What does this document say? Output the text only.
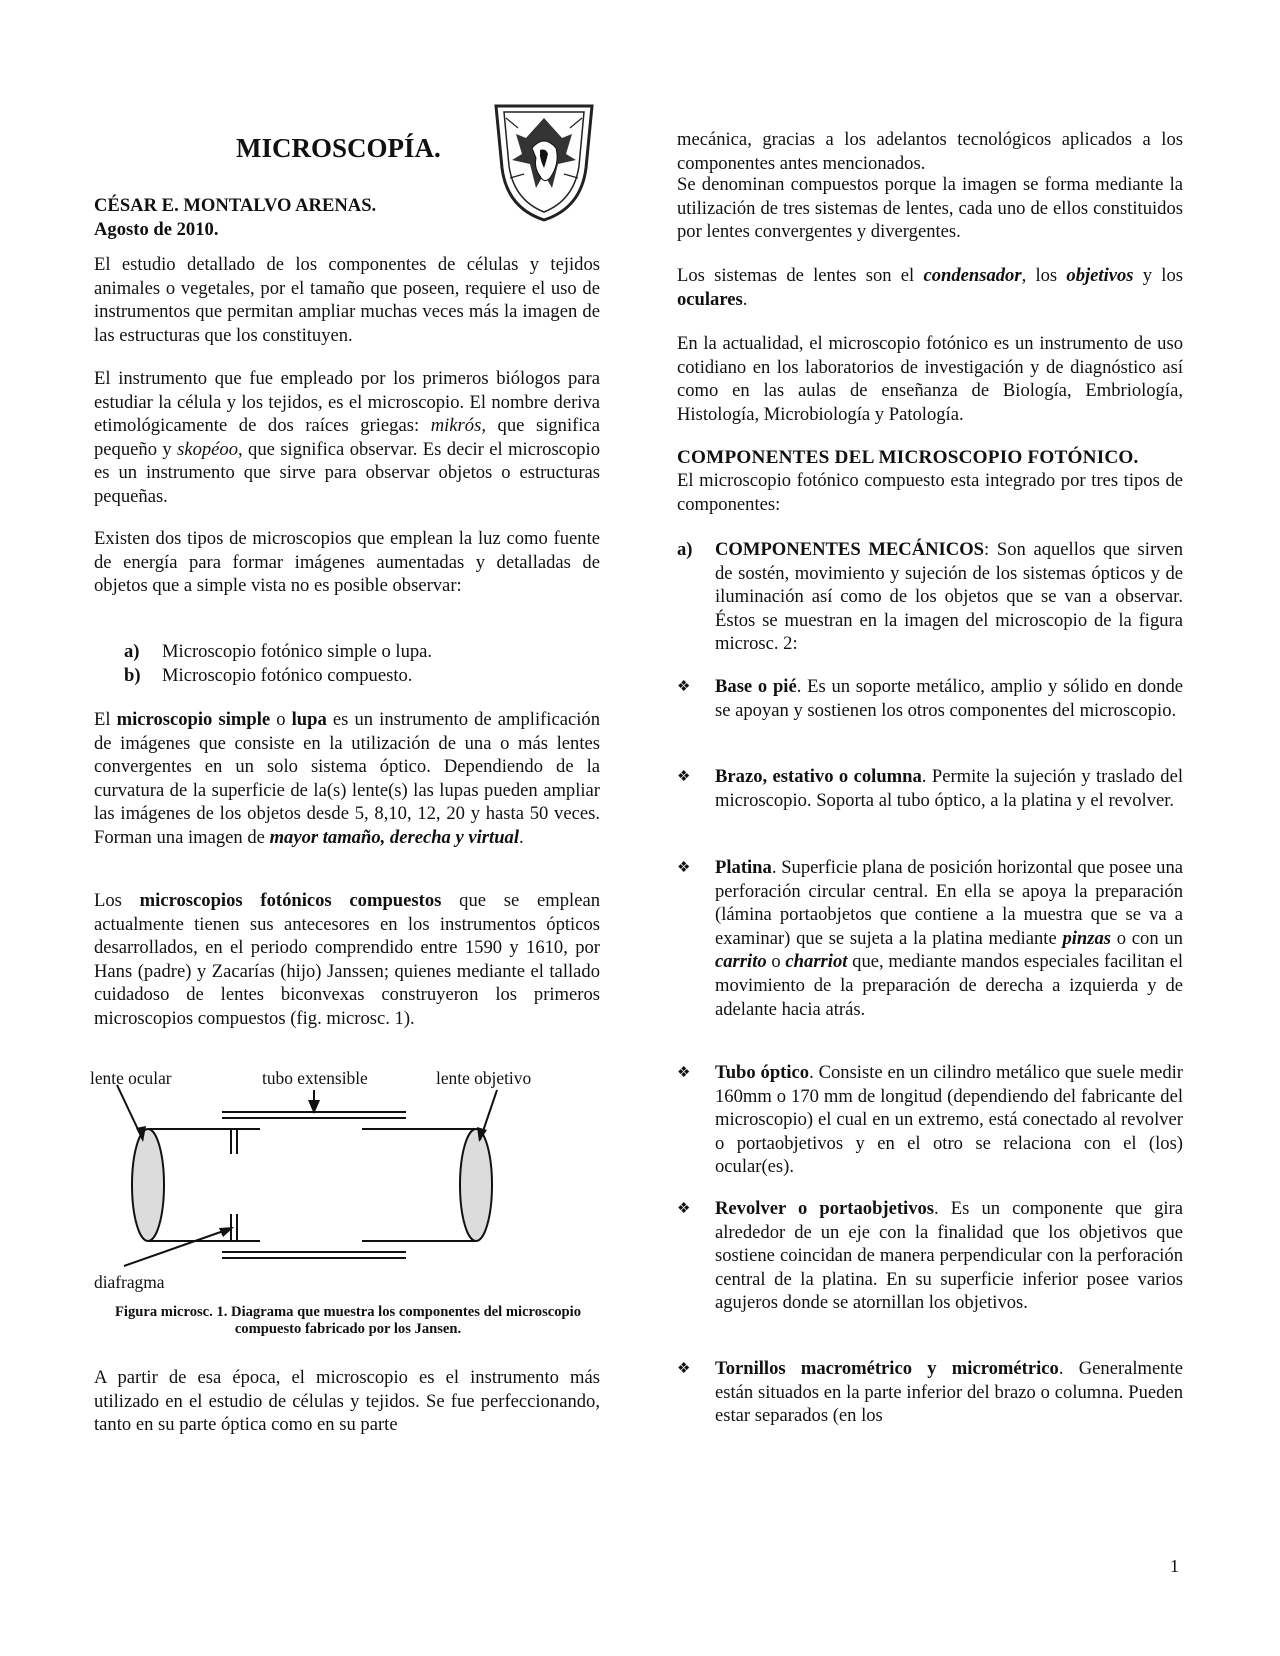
MICROSCOPÍA.
CÉSAR E. MONTALVO ARENAS.
Agosto de 2010.

El estudio detallado de los componentes de células y tejidos animales o vegetales, por el tamaño que poseen, requiere el uso de instrumentos que permitan ampliar muchas veces más la imagen de las estructuras que los constituyen.

El instrumento que fue empleado por los primeros biólogos para estudiar la célula y los tejidos, es el microscopio. El nombre deriva etimológicamente de dos raíces griegas: mikrós, que significa pequeño y skopéoo, que significa observar. Es decir el microscopio es un instrumento que sirve para observar objetos o estructuras pequeñas.

Existen dos tipos de microscopios que emplean la luz como fuente de energía para formar imágenes aumentadas y detalladas de objetos que a simple vista no es posible observar:

a)	Microscopio fotónico simple o lupa.
b)	Microscopio fotónico compuesto.

El microscopio simple o lupa es un instrumento de amplificación de imágenes que consiste en la utilización de una o más lentes convergentes en un solo sistema óptico. Dependiendo de la curvatura de la superficie de la(s) lente(s) las lupas pueden ampliar las imágenes de los objetos desde 5, 8,10, 12, 20 y hasta 50 veces. Forman una imagen de mayor tamaño, derecha y virtual.

Los microscopios fotónicos compuestos que se emplean actualmente tienen sus antecesores en los instrumentos ópticos desarrollados, en el periodo comprendido entre 1590 y 1610, por Hans (padre) y Zacarías (hijo) Janssen; quienes mediante el tallado cuidadoso de lentes biconvexas construyeron los primeros microscopios compuestos (fig. microsc. 1).

lente ocular	tubo extensible	lente objetivo
diafragma
Figura microsc. 1. Diagrama que muestra los componentes del microscopio compuesto fabricado por los Jansen.

A partir de esa época, el microscopio es el instrumento más utilizado en el estudio de células y tejidos. Se fue perfeccionando, tanto en su parte óptica como en su parte

mecánica, gracias a los adelantos tecnológicos aplicados a los componentes antes mencionados.

Se denominan compuestos porque la imagen se forma mediante la utilización de tres sistemas de lentes, cada uno de ellos constituidos por lentes convergentes y divergentes.

Los sistemas de lentes son el condensador, los objetivos y los oculares.

En la actualidad, el microscopio fotónico es un instrumento de uso cotidiano en los laboratorios de investigación y de diagnóstico así como en las aulas de enseñanza de Biología, Embriología, Histología, Microbiología y Patología.

COMPONENTES DEL MICROSCOPIO FOTÓNICO.

El microscopio fotónico compuesto esta integrado por tres tipos de componentes:

a)	COMPONENTES MECÁNICOS: Son aquellos que sirven de sostén, movimiento y sujeción de los sistemas ópticos y de iluminación así como de los objetos que se van a observar. Éstos se muestran en la imagen del microscopio de la figura microsc. 2:
❖	Base o pié. Es un soporte metálico, amplio y sólido en donde se apoyan y sostienen los otros componentes del microscopio.
❖	Brazo, estativo o columna. Permite la sujeción y traslado del microscopio. Soporta al tubo óptico, a la platina y el revolver.
❖	Platina. Superficie plana de posición horizontal que posee una perforación circular central. En ella se apoya la preparación (lámina portaobjetos que contiene a la muestra que se va a examinar) que se sujeta a la platina mediante pinzas o con un carrito o charriot que, mediante mandos especiales facilitan el movimiento de la preparación de derecha a izquierda y de adelante hacia atrás.
❖	Tubo óptico. Consiste en un cilindro metálico que suele medir 160mm o 170 mm de longitud (dependiendo del fabricante del microscopio) el cual en un extremo, está conectado al revolver o portaobjetivos y en el otro se relaciona con el (los) ocular(es).
❖	Revolver o portaobjetivos. Es un componente que gira alrededor de un eje con la finalidad que los objetivos que sostiene coincidan de manera perpendicular con la perforación central de la platina. En su superficie inferior posee varios agujeros donde se atornillan los objetivos.
❖	Tornillos macrométrico y micrométrico. Generalmente están situados en la parte inferior del brazo o columna. Pueden estar separados (en los
1
